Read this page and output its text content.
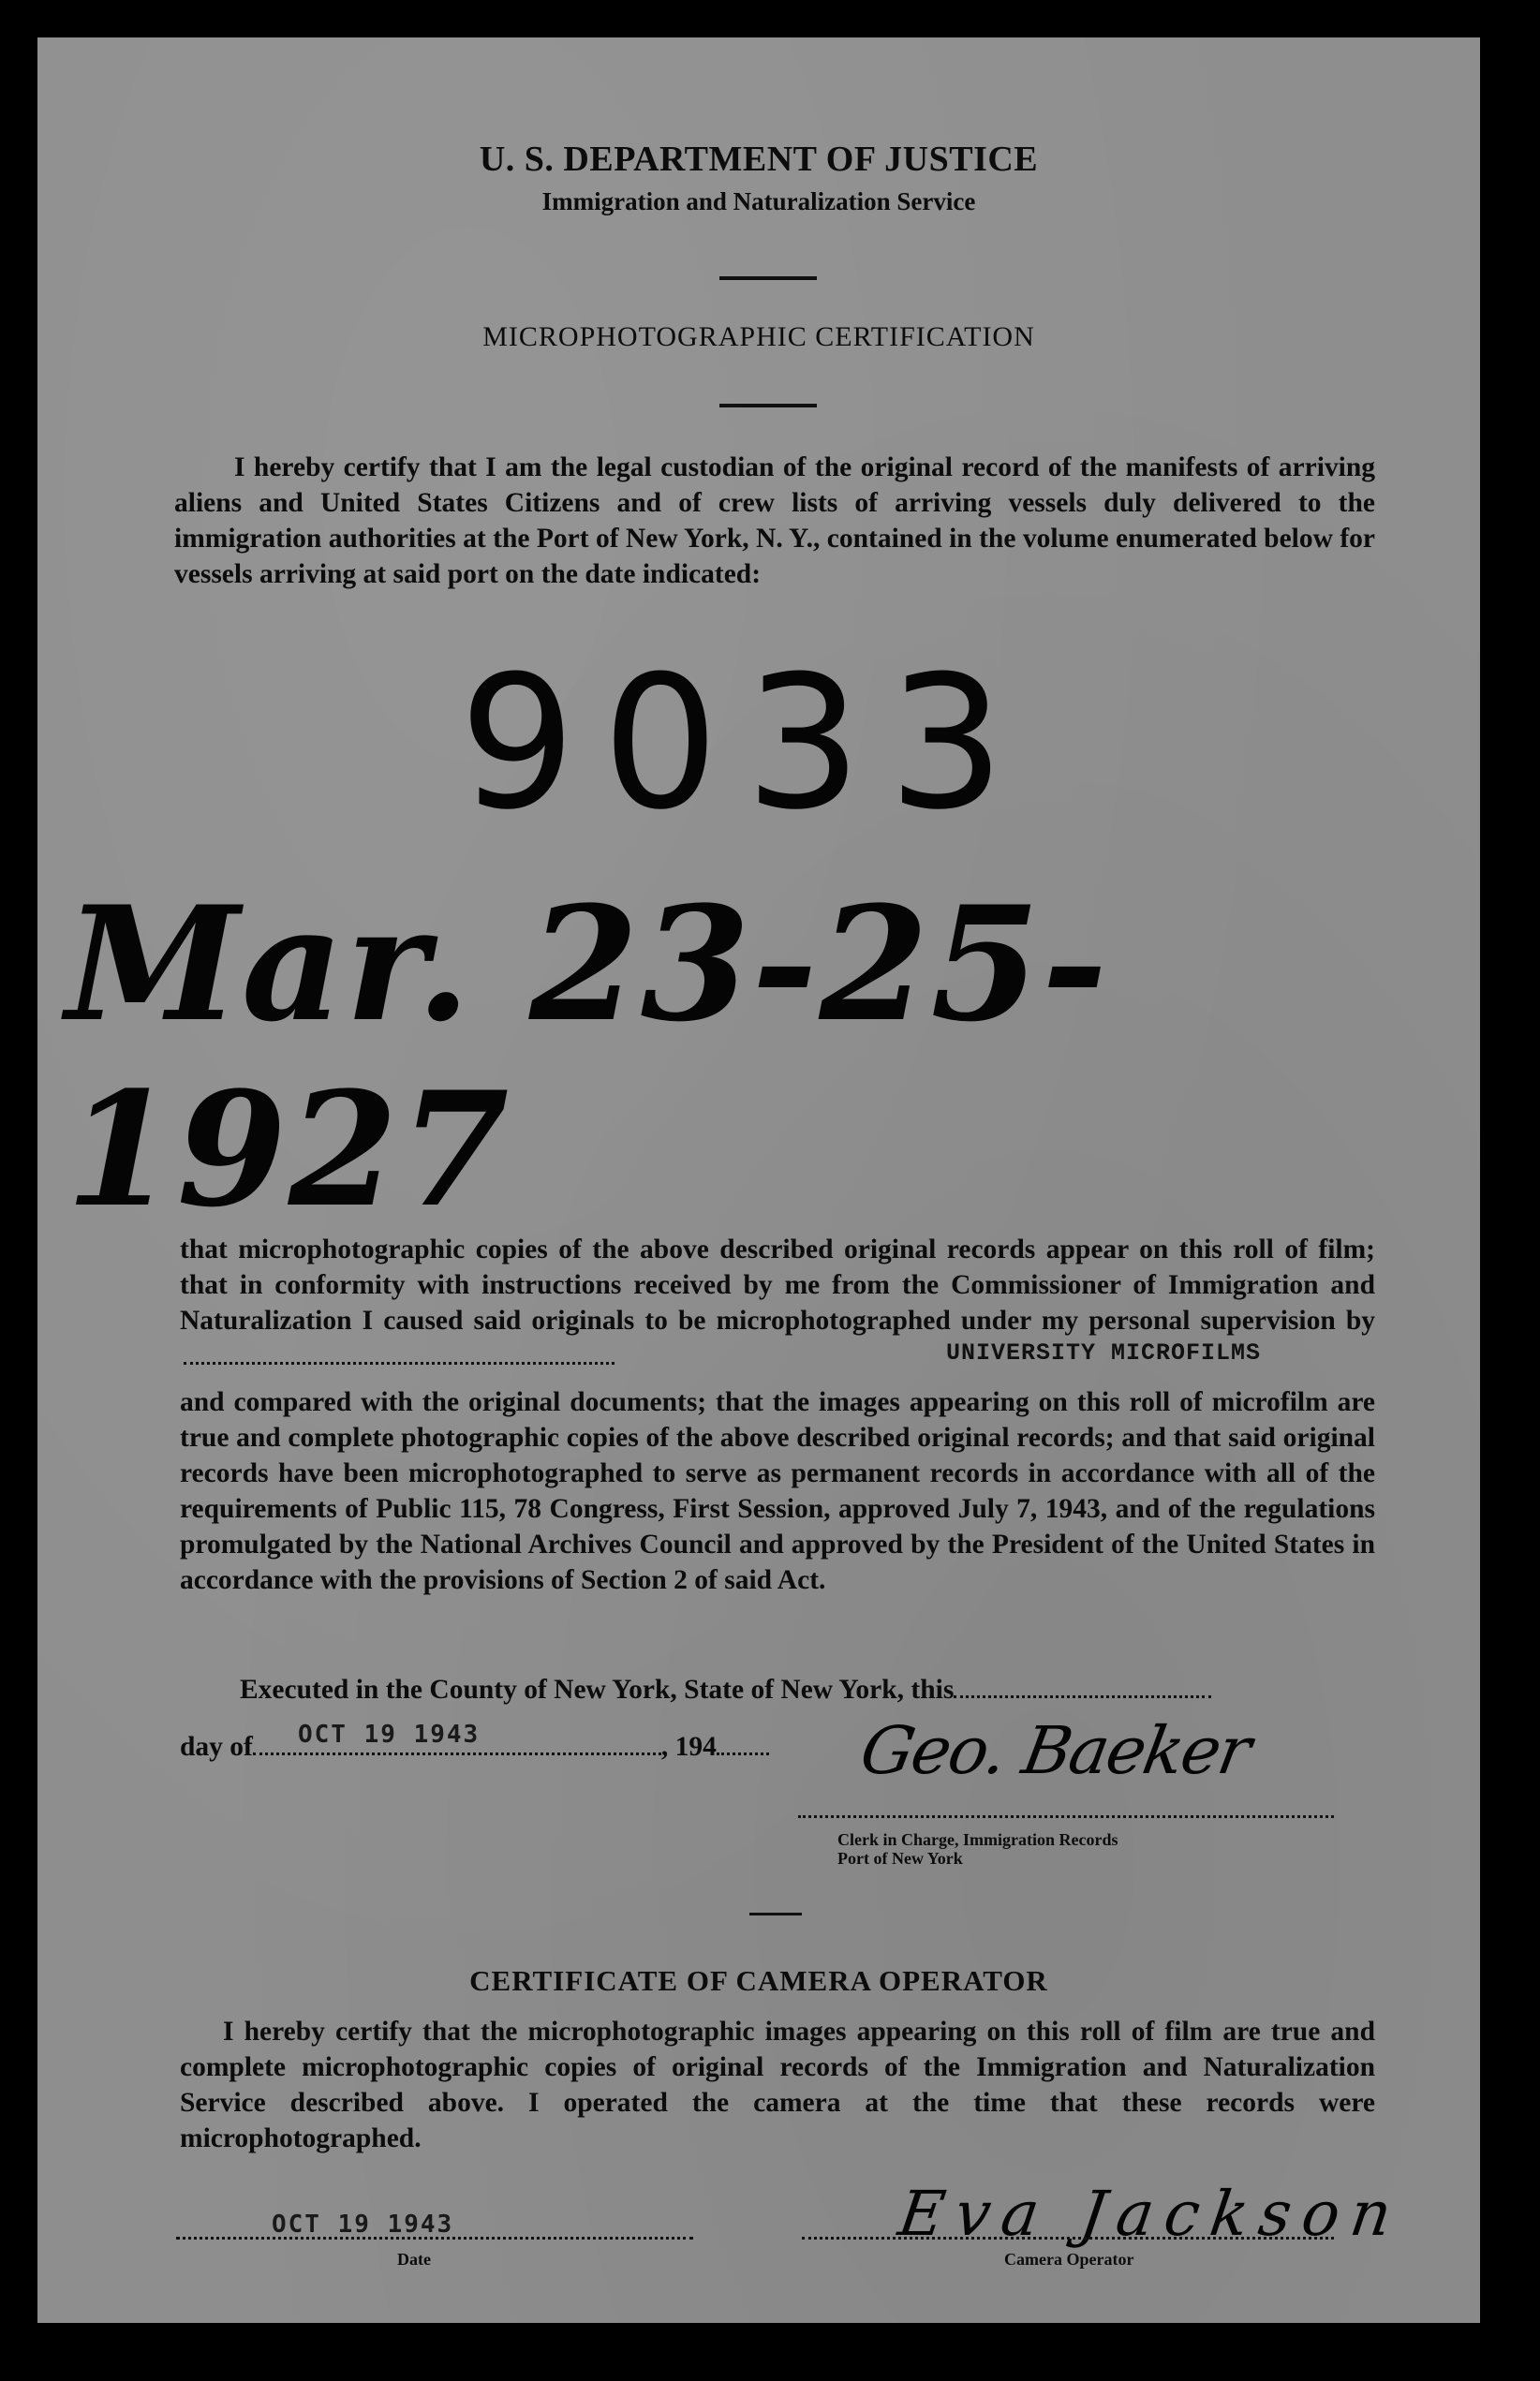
U. S. DEPARTMENT OF JUSTICE
Immigration and Naturalization Service
MICROPHOTOGRAPHIC CERTIFICATION

I hereby certify that I am the legal custodian of the original record of the manifests of arriving aliens and United States Citizens and of crew lists of arriving vessels duly delivered to the immigration authorities at the Port of New York, N. Y., contained in the volume enumerated below for vessels arriving at said port on the date indicated:

9033
Mar. 23-25-1927
that microphotographic copies of the above described original records appear on this roll of film; that in conformity with instructions received by me from the Commissioner of Immigration and Naturalization I caused said originals to be microphotographed under my personal supervision by
UNIVERSITY MICROFILMS
and compared with the original documents; that the images appearing on this roll of microfilm are true and complete photographic copies of the above described original records; and that said original records have been microphotographed to serve as permanent records in accordance with all of the requirements of Public 115, 78 Congress, First Session, approved July 7, 1943, and of the regulations promulgated by the National Archives Council and approved by the President of the United States in accordance with the provisions of Section 2 of said Act.
Executed in the County of New York, State of New York, this
day of	, 194
OCT 19 1943	Geo. Baeker
Clerk in Charge, Immigration Records
Port of New York
CERTIFICATE OF CAMERA OPERATOR

I hereby certify that the microphotographic images appearing on this roll of film are true and complete microphotographic copies of original records of the Immigration and Naturalization Service described above. I operated the camera at the time that these records were microphotographed.

OCT 19 1943
Date
Eva Jackson
Camera Operator
